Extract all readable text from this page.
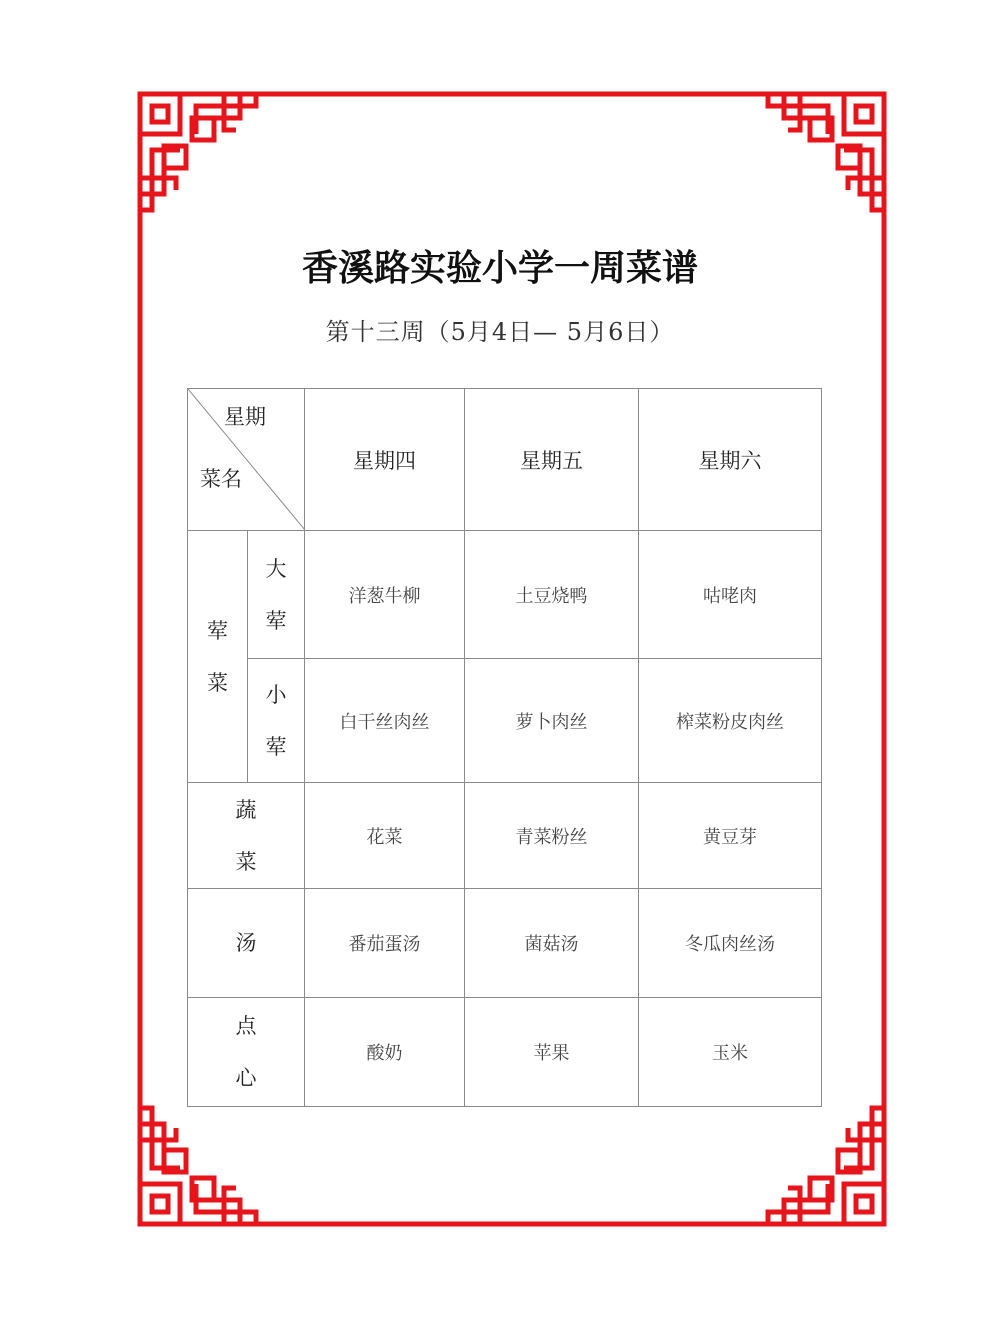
香溪路实验小学一周菜谱
第十三周（5月4日— 5月6日）
星期
菜名		星期四	星期五	星期六
荤菜	大荤	洋葱牛柳	土豆烧鸭	咕咾肉
	小荤	白干丝肉丝	萝卜肉丝	榨菜粉皮肉丝
蔬菜		花菜	青菜粉丝	黄豆芽
汤		番茄蛋汤	菌菇汤	冬瓜肉丝汤
点心		酸奶	苹果	玉米
